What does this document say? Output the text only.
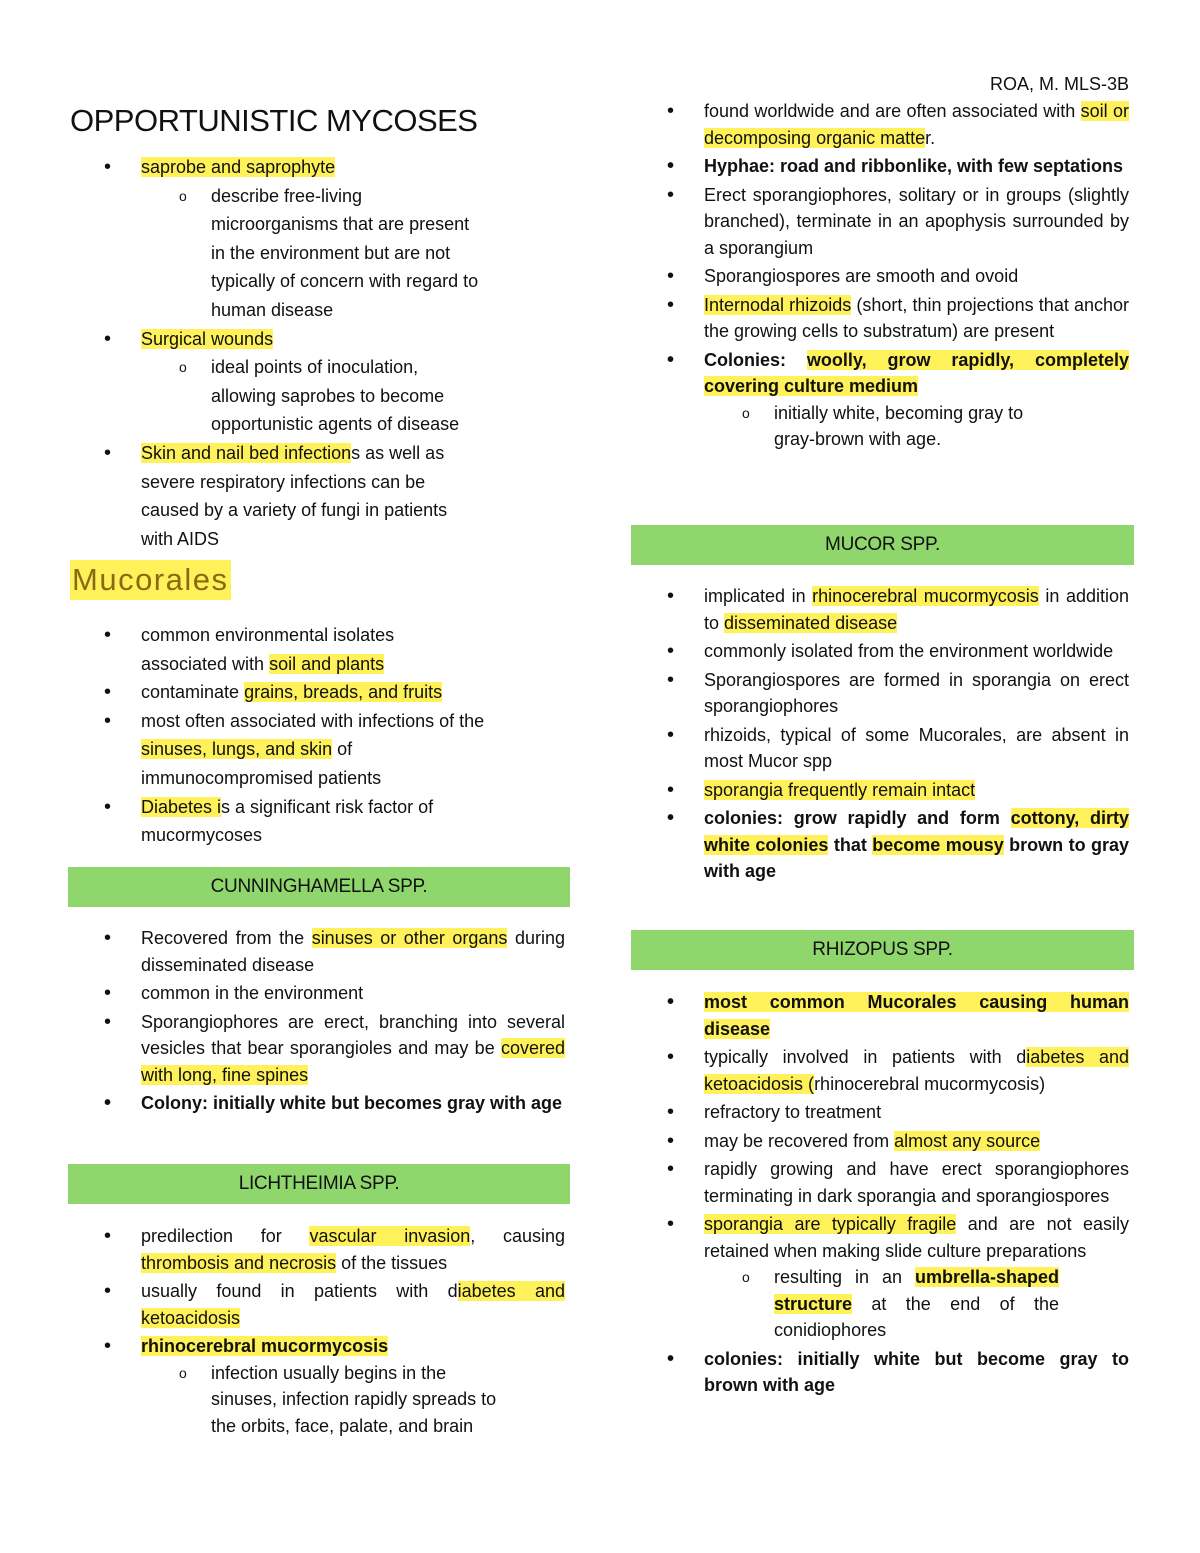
ROA, M. MLS-3B
OPPORTUNISTIC MYCOSES
• saprobe and saprophyte
o describe free-living microorganisms that are present in the environment but are not typically of concern with regard to human disease
• Surgical wounds
o ideal points of inoculation, allowing saprobes to become opportunistic agents of disease
• Skin and nail bed infections as well as severe respiratory infections can be caused by a variety of fungi in patients with AIDS
Mucorales
• common environmental isolates associated with soil and plants
• contaminate grains, breads, and fruits
• most often associated with infections of the sinuses, lungs, and skin of immunocompromised patients
• Diabetes is a significant risk factor of mucormycoses
CUNNINGHAMELLA SPP.
• Recovered from the sinuses or other organs during disseminated disease
• common in the environment
• Sporangiophores are erect, branching into several vesicles that bear sporangioles and may be covered with long, fine spines
• Colony: initially white but becomes gray with age
LICHTHEIMIA SPP.
• predilection for vascular invasion, causing thrombosis and necrosis of the tissues
• usually found in patients with diabetes and ketoacidosis
• rhinocerebral mucormycosis
o infection usually begins in the sinuses, infection rapidly spreads to the orbits, face, palate, and brain
• found worldwide and are often associated with soil or decomposing organic matter.
• Hyphae: road and ribbonlike, with few septations
• Erect sporangiophores, solitary or in groups (slightly branched), terminate in an apophysis surrounded by a sporangium
• Sporangiospores are smooth and ovoid
• Internodal rhizoids (short, thin projections that anchor the growing cells to substratum) are present
• Colonies: woolly, grow rapidly, completely covering culture medium
o initially white, becoming gray to gray-brown with age.
MUCOR SPP.
• implicated in rhinocerebral mucormycosis in addition to disseminated disease
• commonly isolated from the environment worldwide
• Sporangiospores are formed in sporangia on erect sporangiophores
• rhizoids, typical of some Mucorales, are absent in most Mucor spp
• sporangia frequently remain intact
• colonies: grow rapidly and form cottony, dirty white colonies that become mousy brown to gray with age
RHIZOPUS SPP.
• most common Mucorales causing human disease
• typically involved in patients with diabetes and ketoacidosis (rhinocerebral mucormycosis)
• refractory to treatment
• may be recovered from almost any source
• rapidly growing and have erect sporangiophores terminating in dark sporangia and sporangiospores
• sporangia are typically fragile and are not easily retained when making slide culture preparations
o resulting in an umbrella-shaped structure at the end of the conidiophores
• colonies: initially white but become gray to brown with age
